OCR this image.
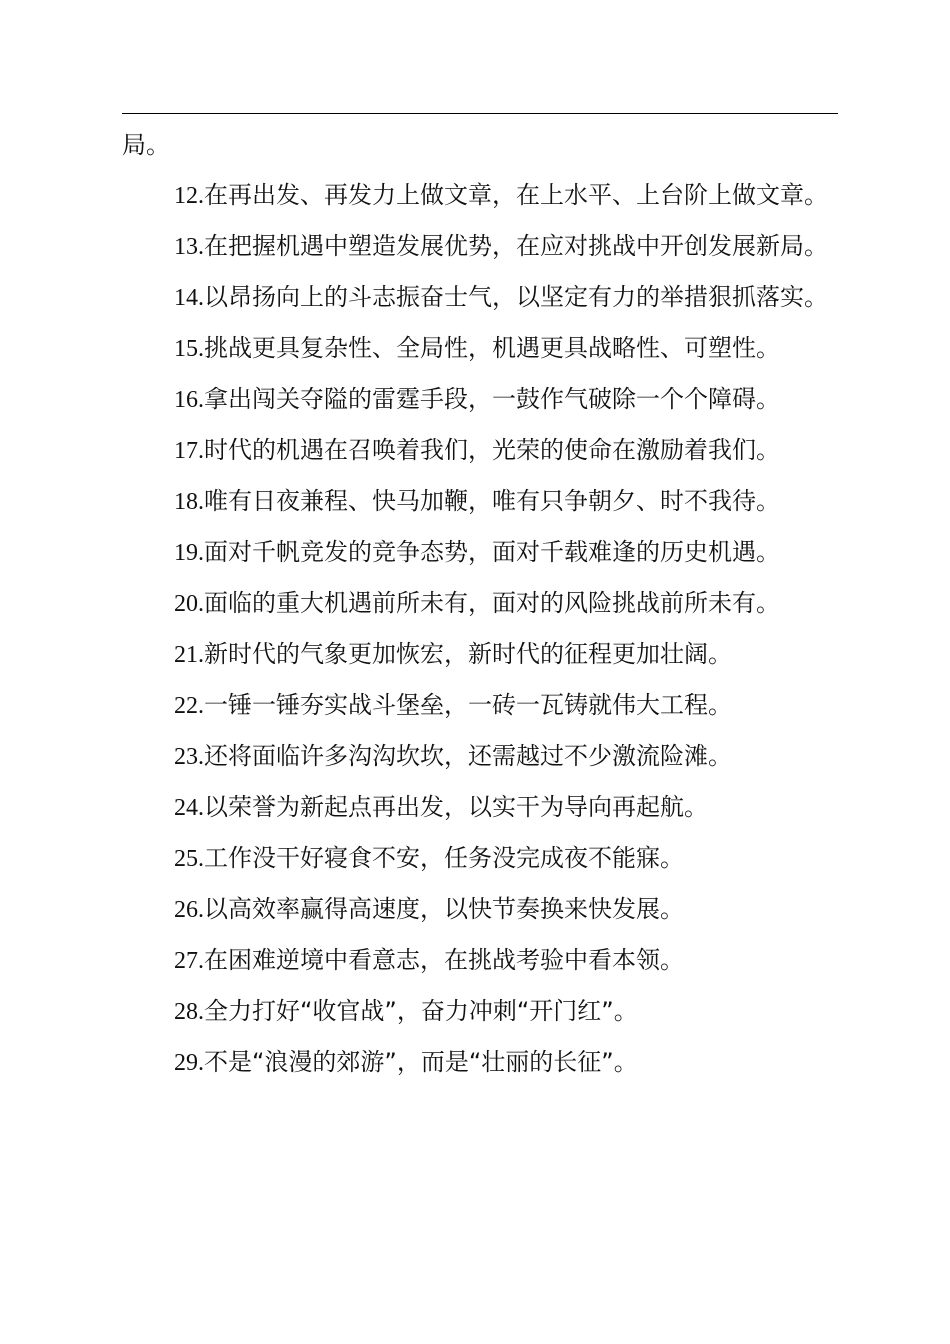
局。

12.在再出发、再发力上做文章，在上水平、上台阶上做文章。

13.在把握机遇中塑造发展优势，在应对挑战中开创发展新局。

14.以昂扬向上的斗志振奋士气，以坚定有力的举措狠抓落实。

15.挑战更具复杂性、全局性，机遇更具战略性、可塑性。

16.拿出闯关夺隘的雷霆手段，一鼓作气破除一个个障碍。

17.时代的机遇在召唤着我们，光荣的使命在激励着我们。

18.唯有日夜兼程、快马加鞭，唯有只争朝夕、时不我待。

19.面对千帆竞发的竞争态势，面对千载难逢的历史机遇。

20.面临的重大机遇前所未有，面对的风险挑战前所未有。

21.新时代的气象更加恢宏，新时代的征程更加壮阔。

22.一锤一锤夯实战斗堡垒，一砖一瓦铸就伟大工程。

23.还将面临许多沟沟坎坎，还需越过不少激流险滩。

24.以荣誉为新起点再出发，以实干为导向再起航。

25.工作没干好寝食不安，任务没完成夜不能寐。

26.以高效率赢得高速度，以快节奏换来快发展。

27.在困难逆境中看意志，在挑战考验中看本领。

28.全力打好“收官战”，奋力冲刺“开门红”。

29.不是“浪漫的郊游”，而是“壮丽的长征”。
